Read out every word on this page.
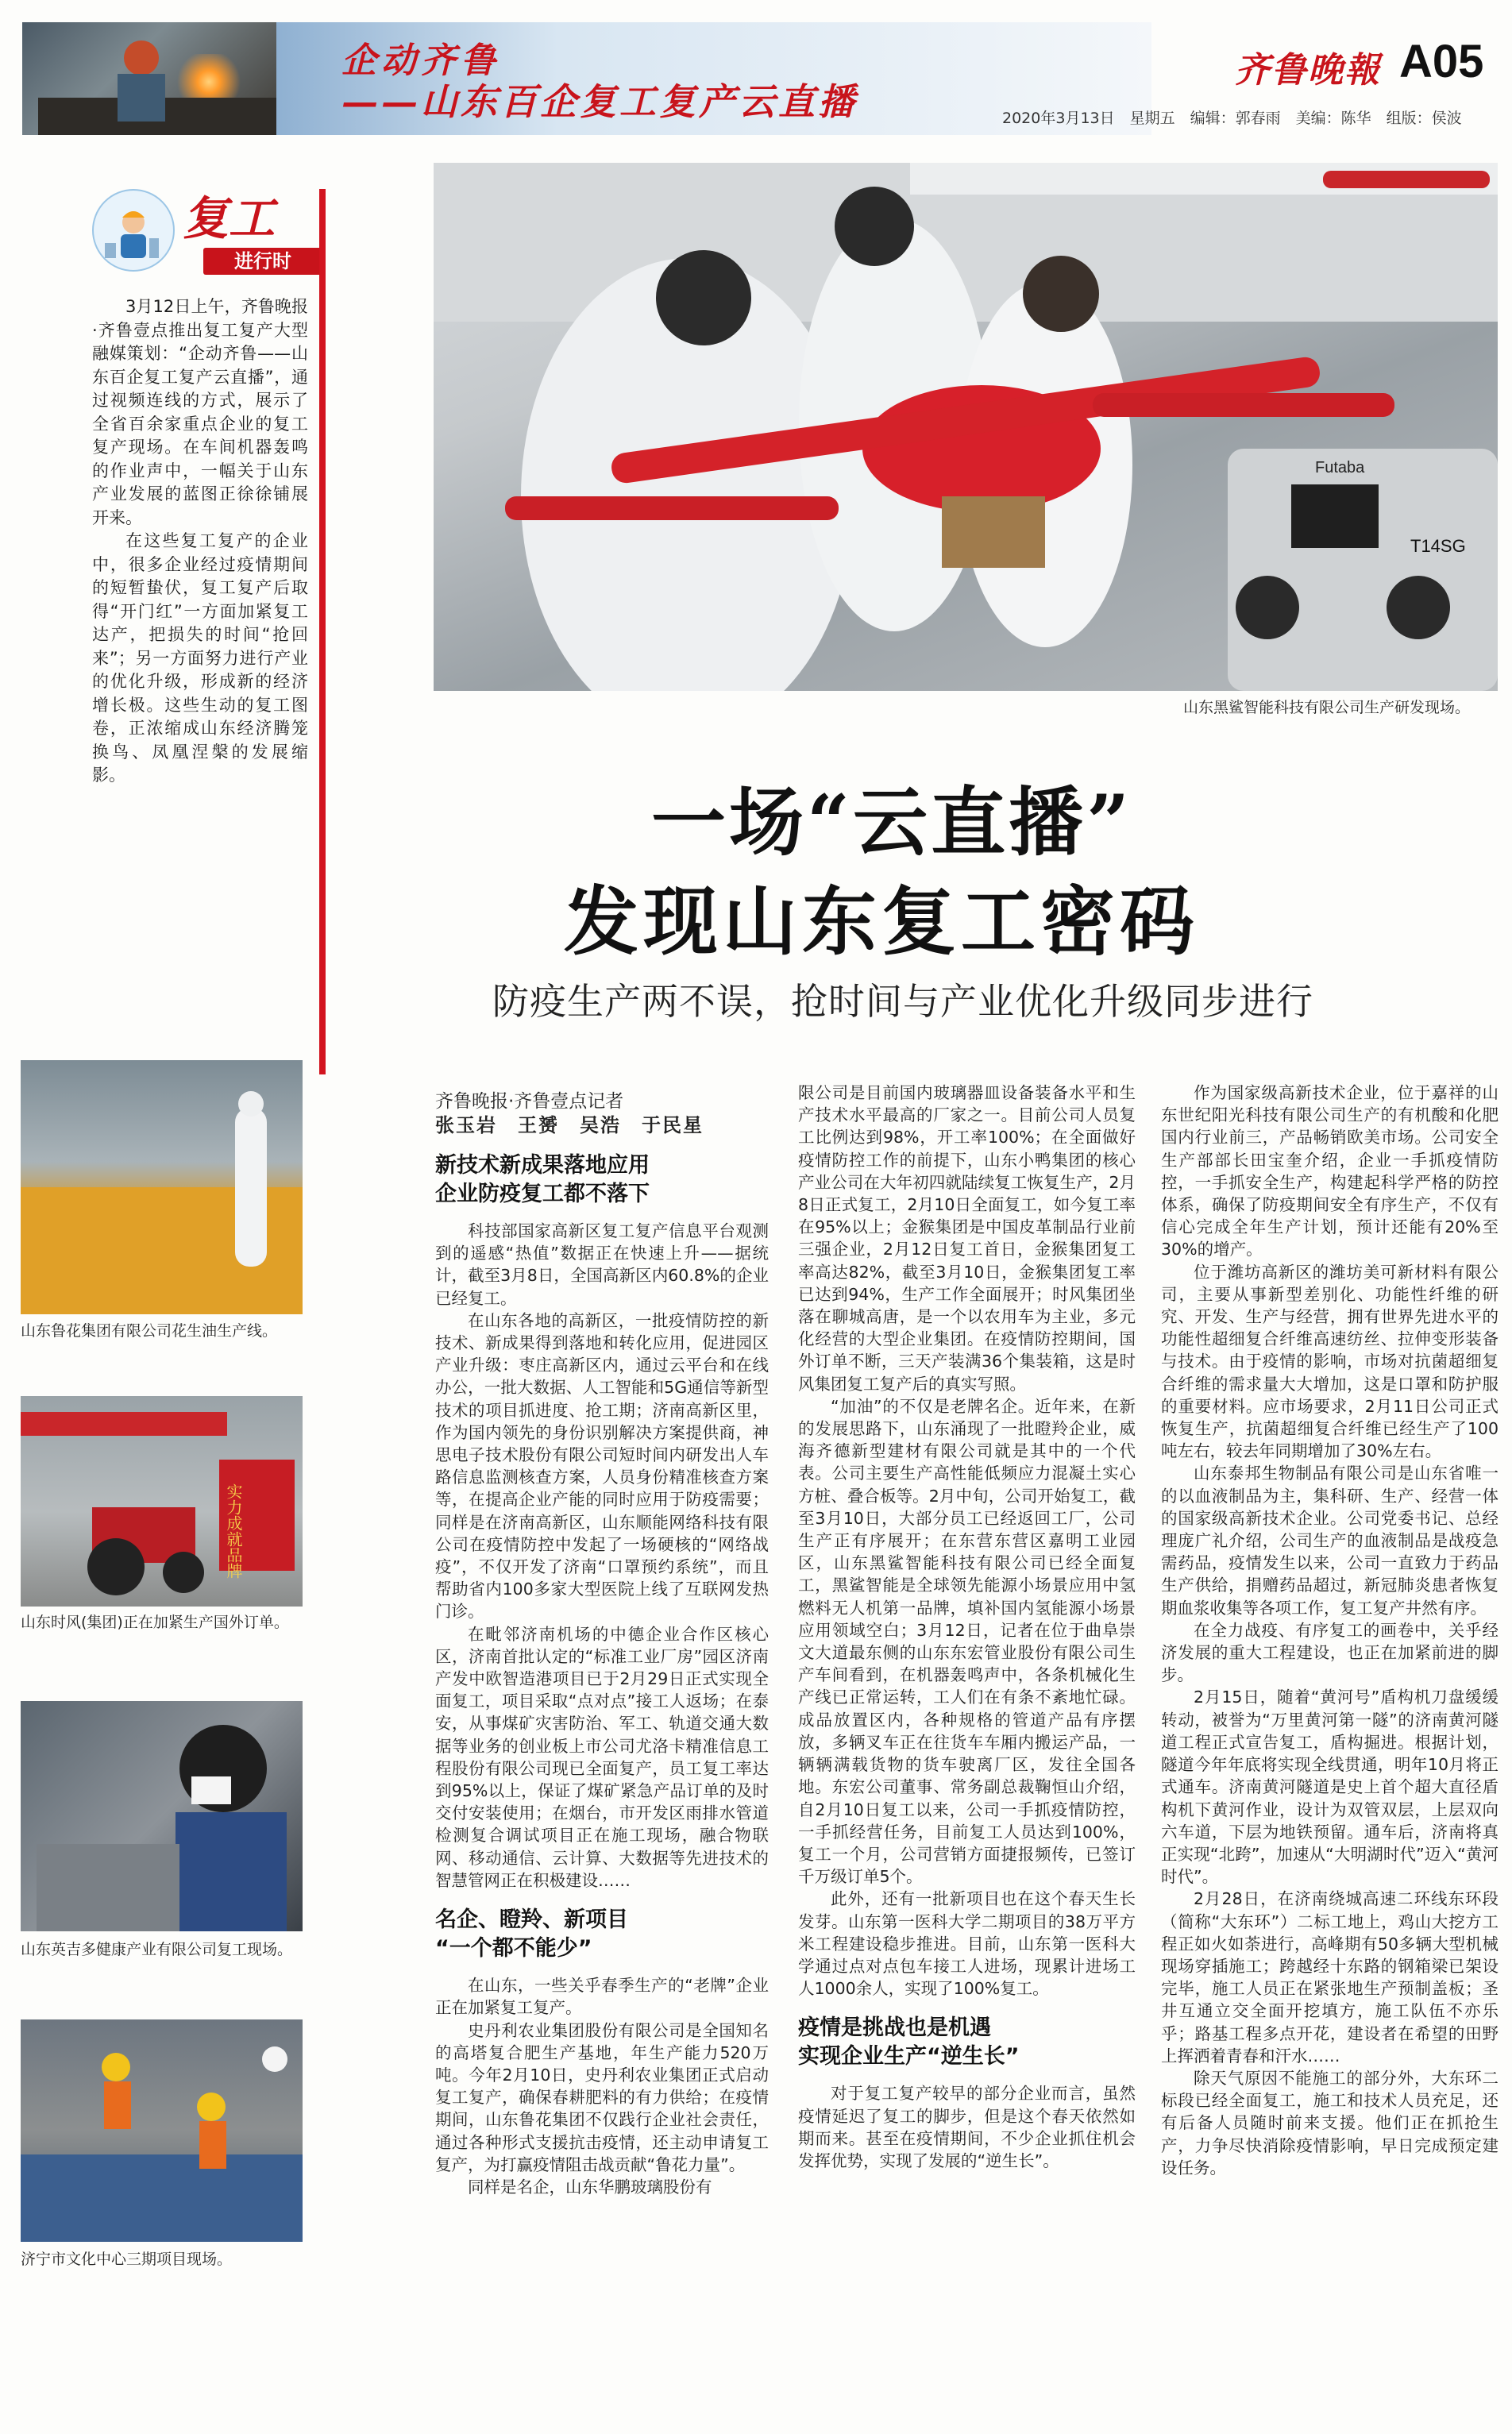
企动齐鲁
——山东百企复工复产云直播
齐鲁晚報 A05
2020年3月13日　星期五　编辑：郭春雨　美编：陈华　组版：侯波
复工
进行时

3月12日上午，齐鲁晚报·齐鲁壹点推出复工复产大型融媒策划：“企动齐鲁——山东百企复工复产云直播”，通过视频连线的方式，展示了全省百余家重点企业的复工复产现场。在车间机器轰鸣的作业声中，一幅关于山东产业发展的蓝图正徐徐铺展开来。

在这些复工复产的企业中，很多企业经过疫情期间的短暂蛰伏，复工复产后取得“开门红”一方面加紧复工达产，把损失的时间“抢回来”；另一方面努力进行产业的优化升级，形成新的经济增长极。这些生动的复工图卷，正浓缩成山东经济腾笼换鸟、凤凰涅槃的发展缩影。

Futaba
T14SG
山东黑鲨智能科技有限公司生产研发现场。
一场“云直播”
发现山东复工密码
防疫生产两不误，抢时间与产业优化升级同步进行
山东鲁花集团有限公司花生油生产线。
实力成就品牌
山东时风(集团)正在加紧生产国外订单。
山东英吉多健康产业有限公司复工现场。
济宁市文化中心三期项目现场。
齐鲁晚报·齐鲁壹点记者
张玉岩　王赟　吴浩　于民星
新技术新成果落地应用
企业防疫复工都不落下

科技部国家高新区复工复产信息平台观测到的遥感“热值”数据正在快速上升——据统计，截至3月8日，全国高新区内60.8%的企业已经复工。

在山东各地的高新区，一批疫情防控的新技术、新成果得到落地和转化应用，促进园区产业升级：枣庄高新区内，通过云平台和在线办公，一批大数据、人工智能和5G通信等新型技术的项目抓进度、抢工期；济南高新区里，作为国内领先的身份识别解决方案提供商，神思电子技术股份有限公司短时间内研发出人车路信息监测核查方案，人员身份精准核查方案等，在提高企业产能的同时应用于防疫需要；同样是在济南高新区，山东顺能网络科技有限公司在疫情防控中发起了一场硬核的“网络战疫”，不仅开发了济南“口罩预约系统”，而且帮助省内100多家大型医院上线了互联网发热门诊。

在毗邻济南机场的中德企业合作区核心区，济南首批认定的“标准工业厂房”园区济南产发中欧智造港项目已于2月29日正式实现全面复工，项目采取“点对点”接工人返场；在泰安，从事煤矿灾害防治、军工、轨道交通大数据等业务的创业板上市公司尤洛卡精准信息工程股份有限公司现已全面复产，员工复工率达到95%以上，保证了煤矿紧急产品订单的及时交付安装使用；在烟台，市开发区雨排水管道检测复合调试项目正在施工现场，融合物联网、移动通信、云计算、大数据等先进技术的智慧管网正在积极建设……

名企、瞪羚、新项目
“一个都不能少”

在山东，一些关乎春季生产的“老牌”企业正在加紧复工复产。

史丹利农业集团股份有限公司是全国知名的高塔复合肥生产基地，年生产能力520万吨。今年2月10日，史丹利农业集团正式启动复工复产，确保春耕肥料的有力供给；在疫情期间，山东鲁花集团不仅践行企业社会责任，通过各种形式支援抗击疫情，还主动申请复工复产，为打赢疫情阻击战贡献“鲁花力量”。

同样是名企，山东华鹏玻璃股份有

限公司是目前国内玻璃器皿设备装备水平和生产技术水平最高的厂家之一。目前公司人员复工比例达到98%，开工率100%；在全面做好疫情防控工作的前提下，山东小鸭集团的核心产业公司在大年初四就陆续复工恢复生产，2月8日正式复工，2月10日全面复工，如今复工率在95%以上；金猴集团是中国皮革制品行业前三强企业，2月12日复工首日，金猴集团复工率高达82%，截至3月10日，金猴集团复工率已达到94%，生产工作全面展开；时风集团坐落在聊城高唐，是一个以农用车为主业，多元化经营的大型企业集团。在疫情防控期间，国外订单不断，三天产装满36个集装箱，这是时风集团复工复产后的真实写照。

“加油”的不仅是老牌名企。近年来，在新的发展思路下，山东涌现了一批瞪羚企业，威海齐德新型建材有限公司就是其中的一个代表。公司主要生产高性能低频应力混凝土实心方桩、叠合板等。2月中旬，公司开始复工，截至3月10日，大部分员工已经返回工厂，公司生产正有序展开；在东营东营区嘉明工业园区，山东黑鲨智能科技有限公司已经全面复工，黑鲨智能是全球领先能源小场景应用中氢燃料无人机第一品牌，填补国内氢能源小场景应用领域空白；3月12日，记者在位于曲阜崇文大道最东侧的山东东宏管业股份有限公司生产车间看到，在机器轰鸣声中，各条机械化生产线已正常运转，工人们在有条不紊地忙碌。成品放置区内，各种规格的管道产品有序摆放，多辆叉车正在往货车车厢内搬运产品，一辆辆满载货物的货车驶离厂区，发往全国各地。东宏公司董事、常务副总裁鞠恒山介绍，自2月10日复工以来，公司一手抓疫情防控，一手抓经营任务，目前复工人员达到100%，复工一个月，公司营销方面捷报频传，已签订千万级订单5个。

此外，还有一批新项目也在这个春天生长发芽。山东第一医科大学二期项目的38万平方米工程建设稳步推进。目前，山东第一医科大学通过点对点包车接工人进场，现累计进场工人1000余人，实现了100%复工。

疫情是挑战也是机遇
实现企业生产“逆生长”

对于复工复产较早的部分企业而言，虽然疫情延迟了复工的脚步，但是这个春天依然如期而来。甚至在疫情期间，不少企业抓住机会发挥优势，实现了发展的“逆生长”。

作为国家级高新技术企业，位于嘉祥的山东世纪阳光科技有限公司生产的有机酸和化肥国内行业前三，产品畅销欧美市场。公司安全生产部部长田宝奎介绍，企业一手抓疫情防控，一手抓安全生产，构建起科学严格的防控体系，确保了防疫期间安全有序生产，不仅有信心完成全年生产计划，预计还能有20%至30%的增产。

位于潍坊高新区的潍坊美可新材料有限公司，主要从事新型差别化、功能性纤维的研究、开发、生产与经营，拥有世界先进水平的功能性超细复合纤维高速纺丝、拉伸变形装备与技术。由于疫情的影响，市场对抗菌超细复合纤维的需求量大大增加，这是口罩和防护服的重要材料。应市场要求，2月11日公司正式恢复生产，抗菌超细复合纤维已经生产了100吨左右，较去年同期增加了30%左右。

山东泰邦生物制品有限公司是山东省唯一的以血液制品为主，集科研、生产、经营一体的国家级高新技术企业。公司党委书记、总经理庞广礼介绍，公司生产的血液制品是战疫急需药品，疫情发生以来，公司一直致力于药品生产供给，捐赠药品超过，新冠肺炎患者恢复期血浆收集等各项工作，复工复产井然有序。

在全力战疫、有序复工的画卷中，关乎经济发展的重大工程建设，也正在加紧前进的脚步。

2月15日，随着“黄河号”盾构机刀盘缓缓转动，被誉为“万里黄河第一隧”的济南黄河隧道工程正式宣告复工，盾构掘进。根据计划，隧道今年年底将实现全线贯通，明年10月将正式通车。济南黄河隧道是史上首个超大直径盾构机下黄河作业，设计为双管双层，上层双向六车道，下层为地铁预留。通车后，济南将真正实现“北跨”，加速从“大明湖时代”迈入“黄河时代”。

2月28日，在济南绕城高速二环线东环段（简称“大东环”）二标工地上，鸡山大挖方工程正如火如荼进行，高峰期有50多辆大型机械现场穿插施工；跨越经十东路的钢箱梁已架设完毕，施工人员正在紧张地生产预制盖板；圣井互通立交全面开挖填方，施工队伍不亦乐乎；路基工程多点开花，建设者在希望的田野上挥洒着青春和汗水……

除天气原因不能施工的部分外，大东环二标段已经全面复工，施工和技术人员充足，还有后备人员随时前来支援。他们正在抓抢生产，力争尽快消除疫情影响，早日完成预定建设任务。
